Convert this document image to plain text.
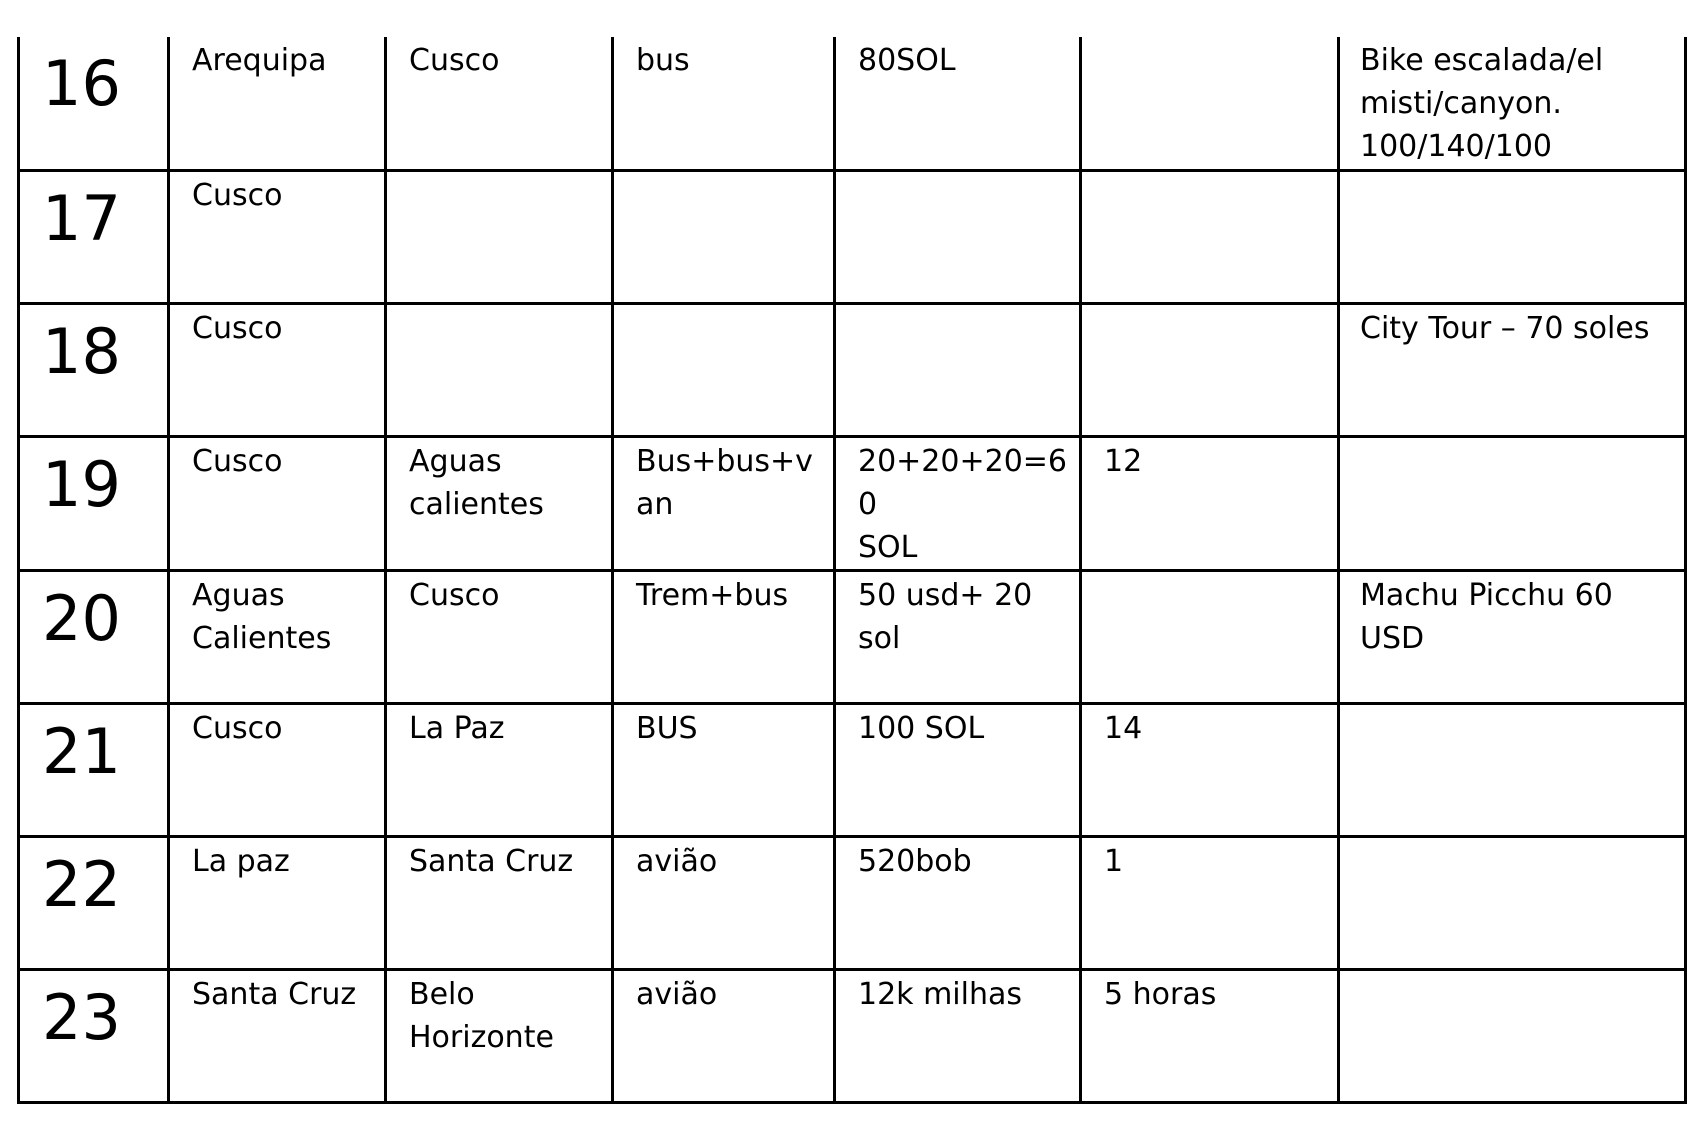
16	Arequipa	Cusco	bus	80SOL		Bike escalada/el
misti/canyon.
100/140/100

17	Cusco					

18	Cusco					City Tour – 70 soles

19	Cusco	Aguas
calientes	Bus+bus+van	20+20+20=60
SOL	12	

20	Aguas
Calientes	Cusco	Trem+bus	50 usd+ 20
sol		Machu Picchu 60
USD

21	Cusco	La Paz	BUS	100 SOL	14	

22	La paz	Santa Cruz	avião	520bob	1	

23	Santa Cruz	Belo
Horizonte	avião	12k milhas	5 horas	
